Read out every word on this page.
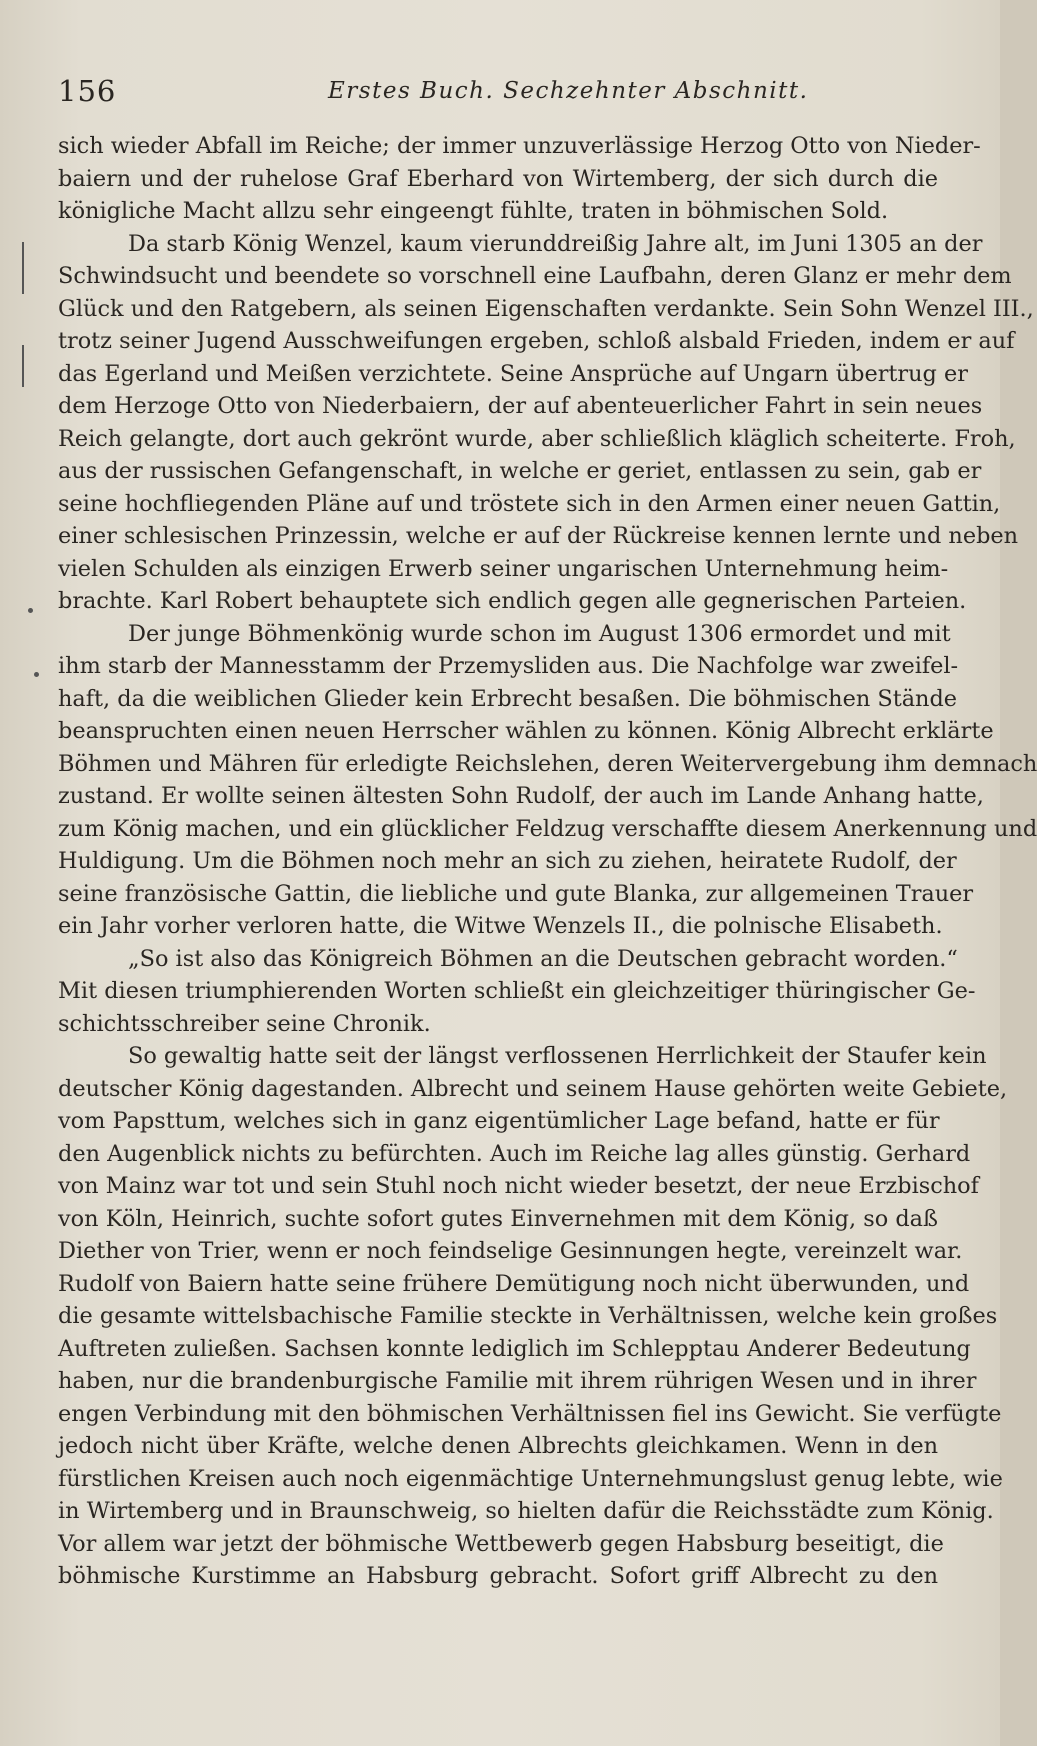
156	Erstes Buch. Sechzehnter Abschnitt.
sich wieder Abfall im Reiche; der immer unzuverlässige Herzog Otto von Nieder-
baiern und der ruhelose Graf Eberhard von Wirtemberg, der sich durch die
königliche Macht allzu sehr eingeengt fühlte, traten in böhmischen Sold.
Da starb König Wenzel, kaum vierunddreißig Jahre alt, im Juni 1305 an der
Schwindsucht und beendete so vorschnell eine Laufbahn, deren Glanz er mehr dem
Glück und den Ratgebern, als seinen Eigenschaften verdankte. Sein Sohn Wenzel III.,
trotz seiner Jugend Ausschweifungen ergeben, schloß alsbald Frieden, indem er auf
das Egerland und Meißen verzichtete. Seine Ansprüche auf Ungarn übertrug er
dem Herzoge Otto von Niederbaiern, der auf abenteuerlicher Fahrt in sein neues
Reich gelangte, dort auch gekrönt wurde, aber schließlich kläglich scheiterte. Froh,
aus der russischen Gefangenschaft, in welche er geriet, entlassen zu sein, gab er
seine hochfliegenden Pläne auf und tröstete sich in den Armen einer neuen Gattin,
einer schlesischen Prinzessin, welche er auf der Rückreise kennen lernte und neben
vielen Schulden als einzigen Erwerb seiner ungarischen Unternehmung heim-
brachte. Karl Robert behauptete sich endlich gegen alle gegnerischen Parteien.
Der junge Böhmenkönig wurde schon im August 1306 ermordet und mit
ihm starb der Mannesstamm der Przemysliden aus. Die Nachfolge war zweifel-
haft, da die weiblichen Glieder kein Erbrecht besaßen. Die böhmischen Stände
beanspruchten einen neuen Herrscher wählen zu können. König Albrecht erklärte
Böhmen und Mähren für erledigte Reichslehen, deren Weitervergebung ihm demnach
zustand. Er wollte seinen ältesten Sohn Rudolf, der auch im Lande Anhang hatte,
zum König machen, und ein glücklicher Feldzug verschaffte diesem Anerkennung und
Huldigung. Um die Böhmen noch mehr an sich zu ziehen, heiratete Rudolf, der
seine französische Gattin, die liebliche und gute Blanka, zur allgemeinen Trauer
ein Jahr vorher verloren hatte, die Witwe Wenzels II., die polnische Elisabeth.
„So ist also das Königreich Böhmen an die Deutschen gebracht worden.“
Mit diesen triumphierenden Worten schließt ein gleichzeitiger thüringischer Ge-
schichtsschreiber seine Chronik.
So gewaltig hatte seit der längst verflossenen Herrlichkeit der Staufer kein
deutscher König dagestanden. Albrecht und seinem Hause gehörten weite Gebiete,
vom Papsttum, welches sich in ganz eigentümlicher Lage befand, hatte er für
den Augenblick nichts zu befürchten. Auch im Reiche lag alles günstig. Gerhard
von Mainz war tot und sein Stuhl noch nicht wieder besetzt, der neue Erzbischof
von Köln, Heinrich, suchte sofort gutes Einvernehmen mit dem König, so daß
Diether von Trier, wenn er noch feindselige Gesinnungen hegte, vereinzelt war.
Rudolf von Baiern hatte seine frühere Demütigung noch nicht überwunden, und
die gesamte wittelsbachische Familie steckte in Verhältnissen, welche kein großes
Auftreten zuließen. Sachsen konnte lediglich im Schlepptau Anderer Bedeutung
haben, nur die brandenburgische Familie mit ihrem rührigen Wesen und in ihrer
engen Verbindung mit den böhmischen Verhältnissen fiel ins Gewicht. Sie verfügte
jedoch nicht über Kräfte, welche denen Albrechts gleichkamen. Wenn in den
fürstlichen Kreisen auch noch eigenmächtige Unternehmungslust genug lebte, wie
in Wirtemberg und in Braunschweig, so hielten dafür die Reichsstädte zum König.
Vor allem war jetzt der böhmische Wettbewerb gegen Habsburg beseitigt, die
böhmische Kurstimme an Habsburg gebracht. Sofort griff Albrecht zu den
